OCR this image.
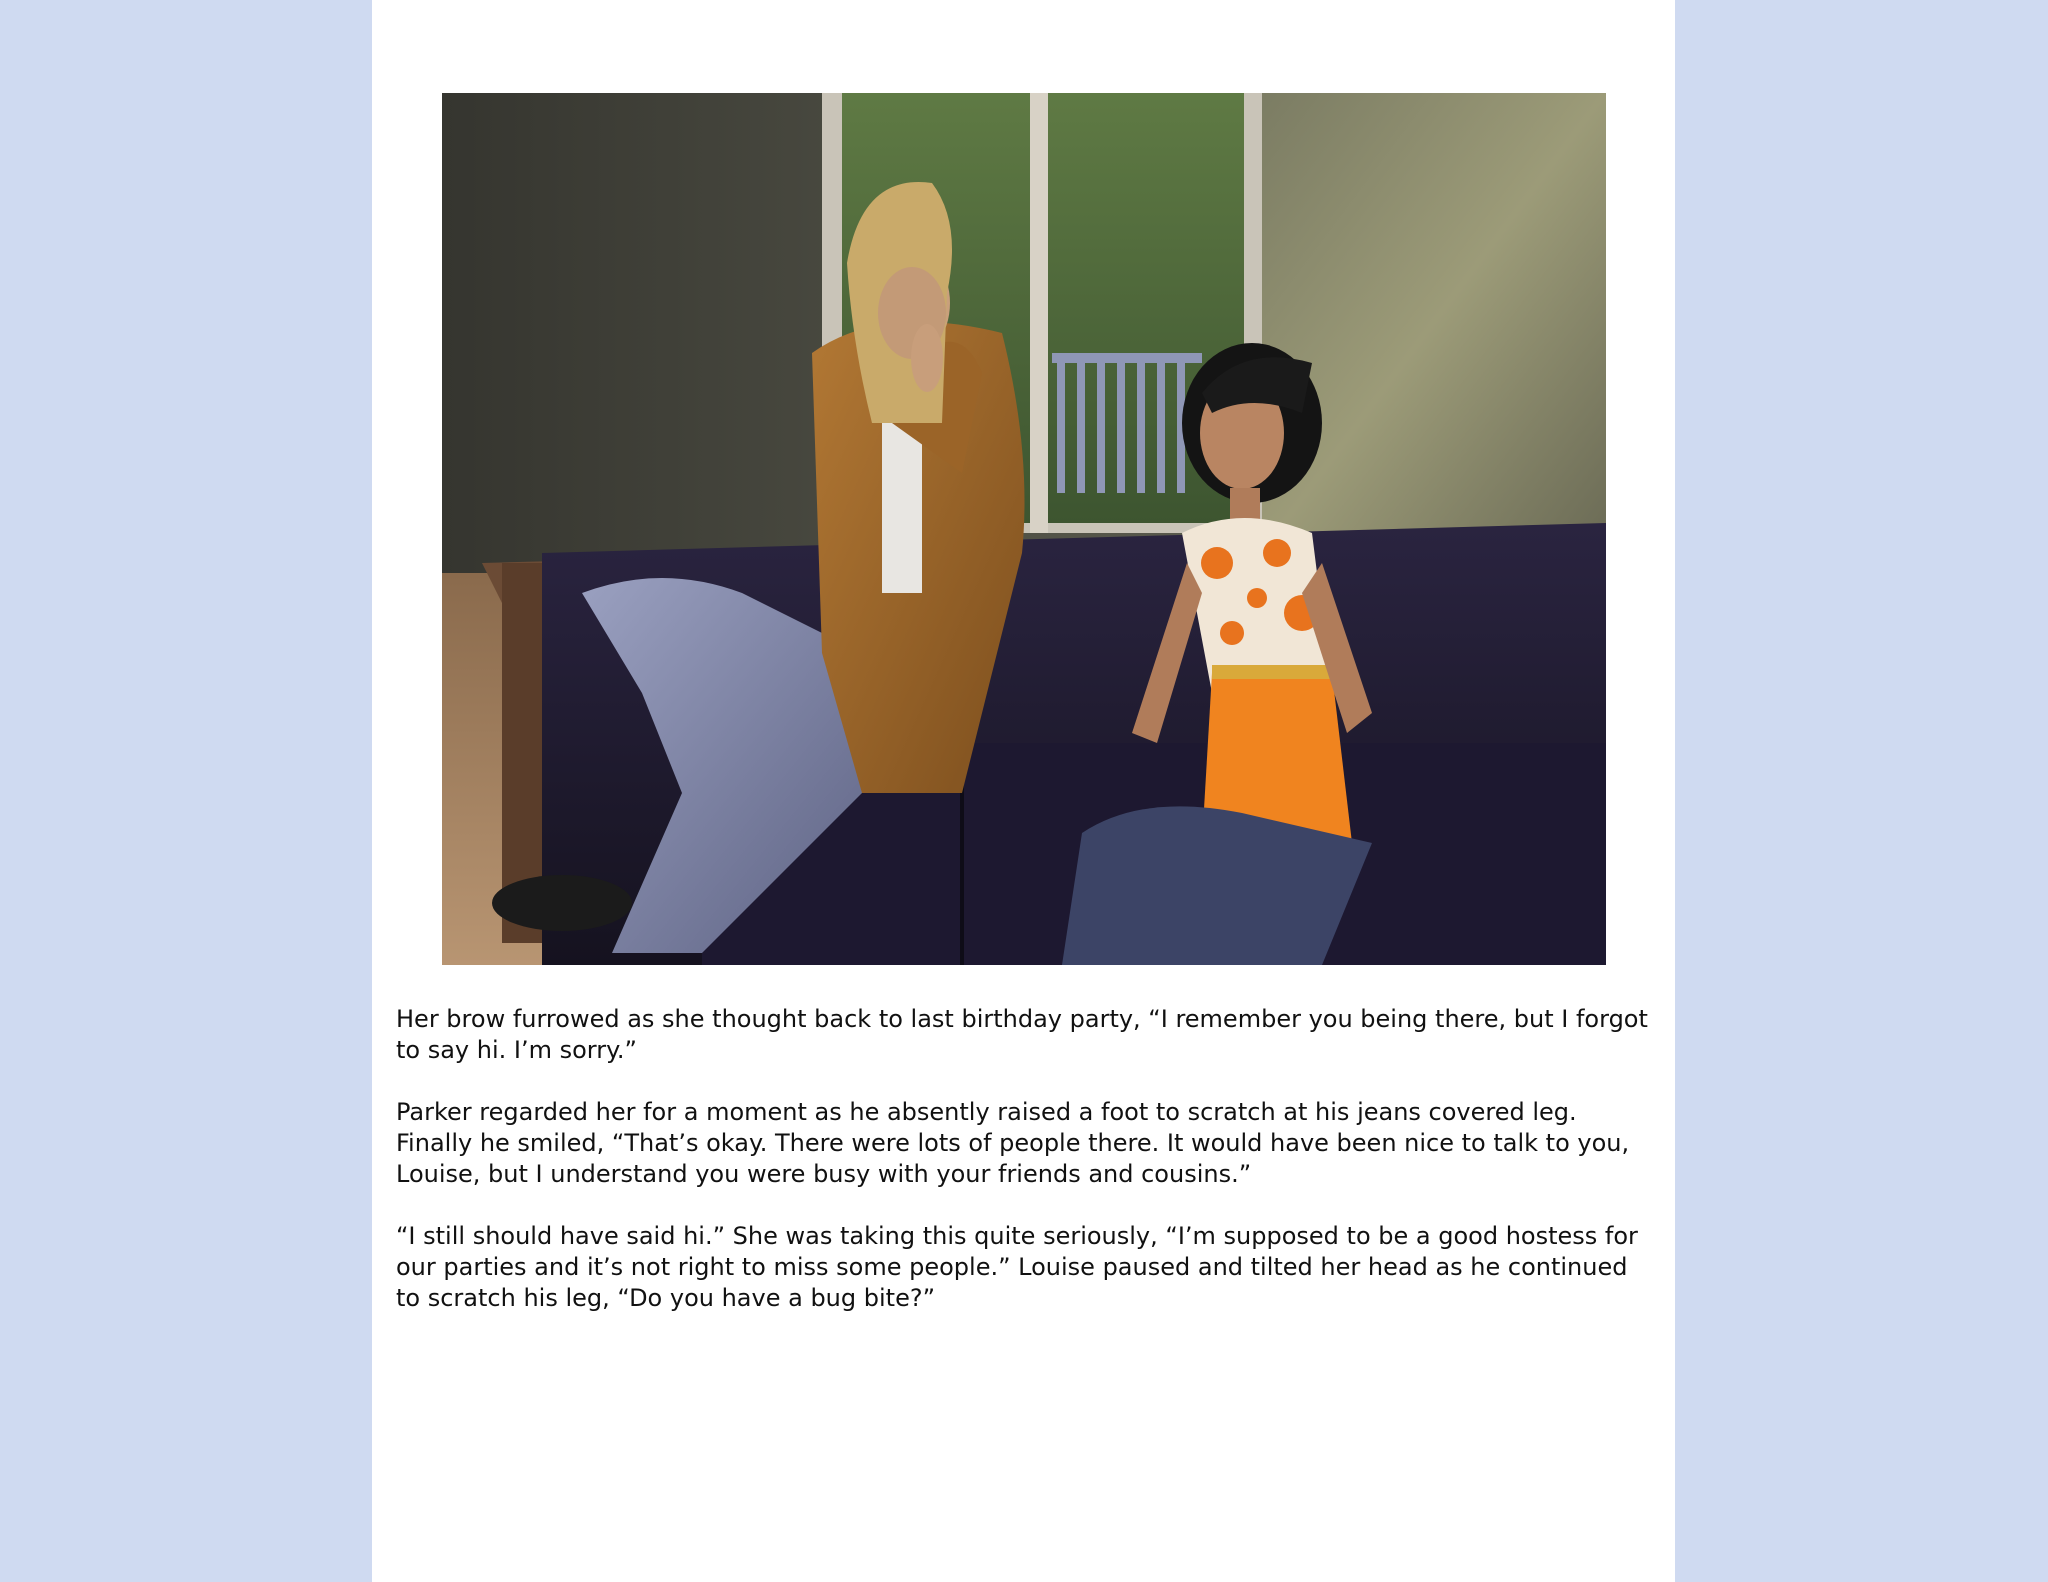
Her brow furrowed as she thought back to last birthday party, “I remember you being there, but I forgot to say hi. I’m sorry.”

Parker regarded her for a moment as he absently raised a foot to scratch at his jeans covered leg. Finally he smiled, “That’s okay. There were lots of people there. It would have been nice to talk to you, Louise, but I understand you were busy with your friends and cousins.”

“I still should have said hi.” She was taking this quite seriously, “I’m supposed to be a good hostess for our parties and it’s not right to miss some people.” Louise paused and tilted her head as he continued to scratch his leg, “Do you have a bug bite?”
